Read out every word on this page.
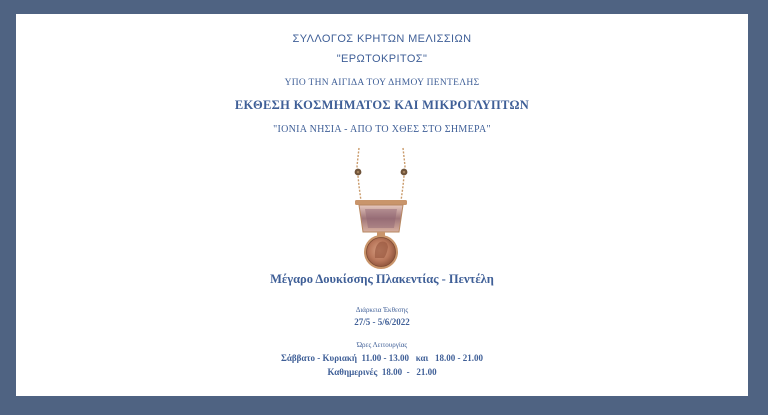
ΣΥΛΛΟΓΟΣ ΚΡΗΤΩΝ ΜΕΛΙΣΣΙΩΝ
"ΕΡΩΤΟΚΡΙΤΟΣ"
ΥΠΟ ΤΗΝ ΑΙΓΙΔΑ ΤΟΥ ΔΗΜΟΥ ΠΕΝΤΕΛΗΣ
ΕΚΘΕΣΗ ΚΟΣΜΗΜΑΤΟΣ ΚΑΙ ΜΙΚΡΟΓΛΥΠΤΩΝ
"ΙΟΝΙΑ ΝΗΣΙΑ - ΑΠΟ ΤΟ ΧΘΕΣ ΣΤΟ ΣΗΜΕΡΑ"
Μέγαρο Δουκίσσης Πλακεντίας - Πεντέλη
Διάρκεια Έκθεσης
27/5 - 5/6/2022
Ώρες Λειτουργίας
Σάββατο - Κυριακή  11.00 - 13.00   και   18.00 - 21.00
Καθημερινές  18.00  -   21.00
